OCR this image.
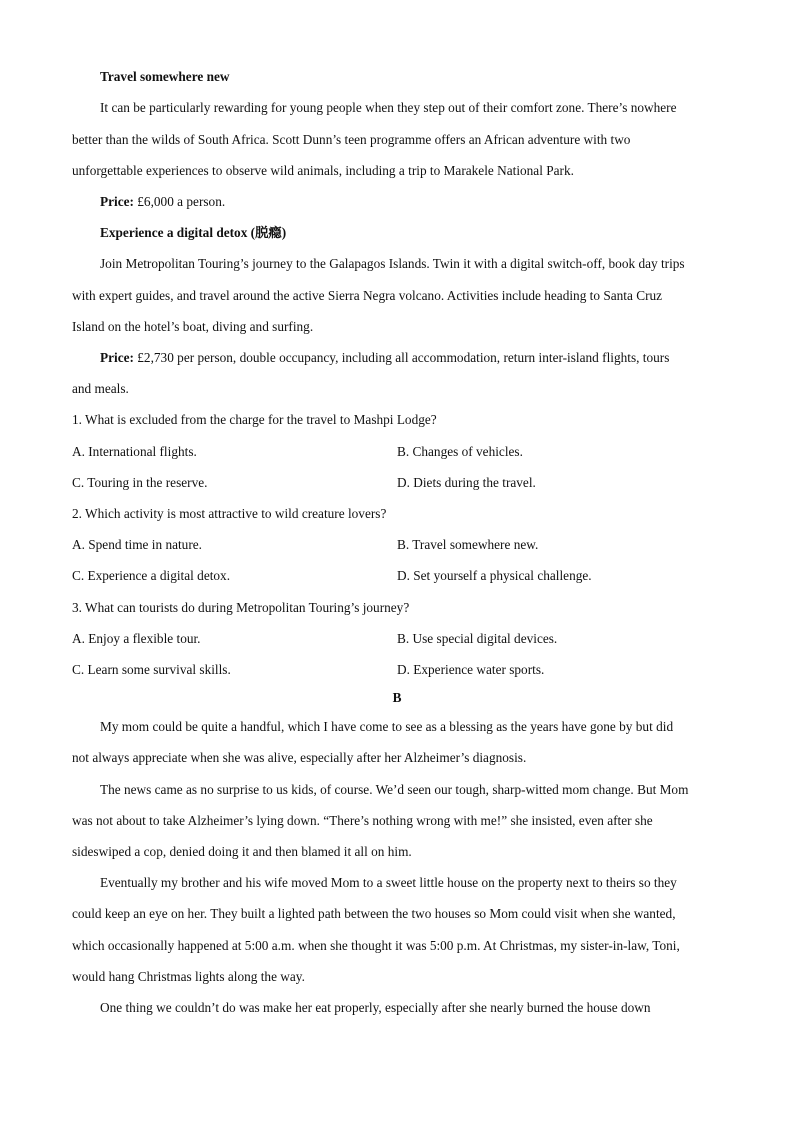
Travel somewhere new
It can be particularly rewarding for young people when they step out of their comfort zone. There’s nowhere
better than the wilds of South Africa. Scott Dunn’s teen programme offers an African adventure with two
unforgettable experiences to observe wild animals, including a trip to Marakele National Park.
Price: £6,000 a person.
Experience a digital detox (脱瘾)
Join Metropolitan Touring’s journey to the Galapagos Islands. Twin it with a digital switch-off, book day trips
with expert guides, and travel around the active Sierra Negra volcano. Activities include heading to Santa Cruz
Island on the hotel’s boat, diving and surfing.
Price: £2,730 per person, double occupancy, including all accommodation, return inter-island flights, tours
and meals.
1. What is excluded from the charge for the travel to Mashpi Lodge?
A. International flights.	B. Changes of vehicles.
C. Touring in the reserve.	D. Diets during the travel.
2. Which activity is most attractive to wild creature lovers?
A. Spend time in nature.	B. Travel somewhere new.
C. Experience a digital detox.	D. Set yourself a physical challenge.
3. What can tourists do during Metropolitan Touring’s journey?
A. Enjoy a flexible tour.	B. Use special digital devices.
C. Learn some survival skills.	D. Experience water sports.
B
My mom could be quite a handful, which I have come to see as a blessing as the years have gone by but did
not always appreciate when she was alive, especially after her Alzheimer’s diagnosis.
The news came as no surprise to us kids, of course. We’d seen our tough, sharp-witted mom change. But Mom
was not about to take Alzheimer’s lying down. “There’s nothing wrong with me!” she insisted, even after she
sideswiped a cop, denied doing it and then blamed it all on him.
Eventually my brother and his wife moved Mom to a sweet little house on the property next to theirs so they
could keep an eye on her. They built a lighted path between the two houses so Mom could visit when she wanted,
which occasionally happened at 5:00 a.m. when she thought it was 5:00 p.m. At Christmas, my sister-in-law, Toni,
would hang Christmas lights along the way.
One thing we couldn’t do was make her eat properly, especially after she nearly burned the house down
